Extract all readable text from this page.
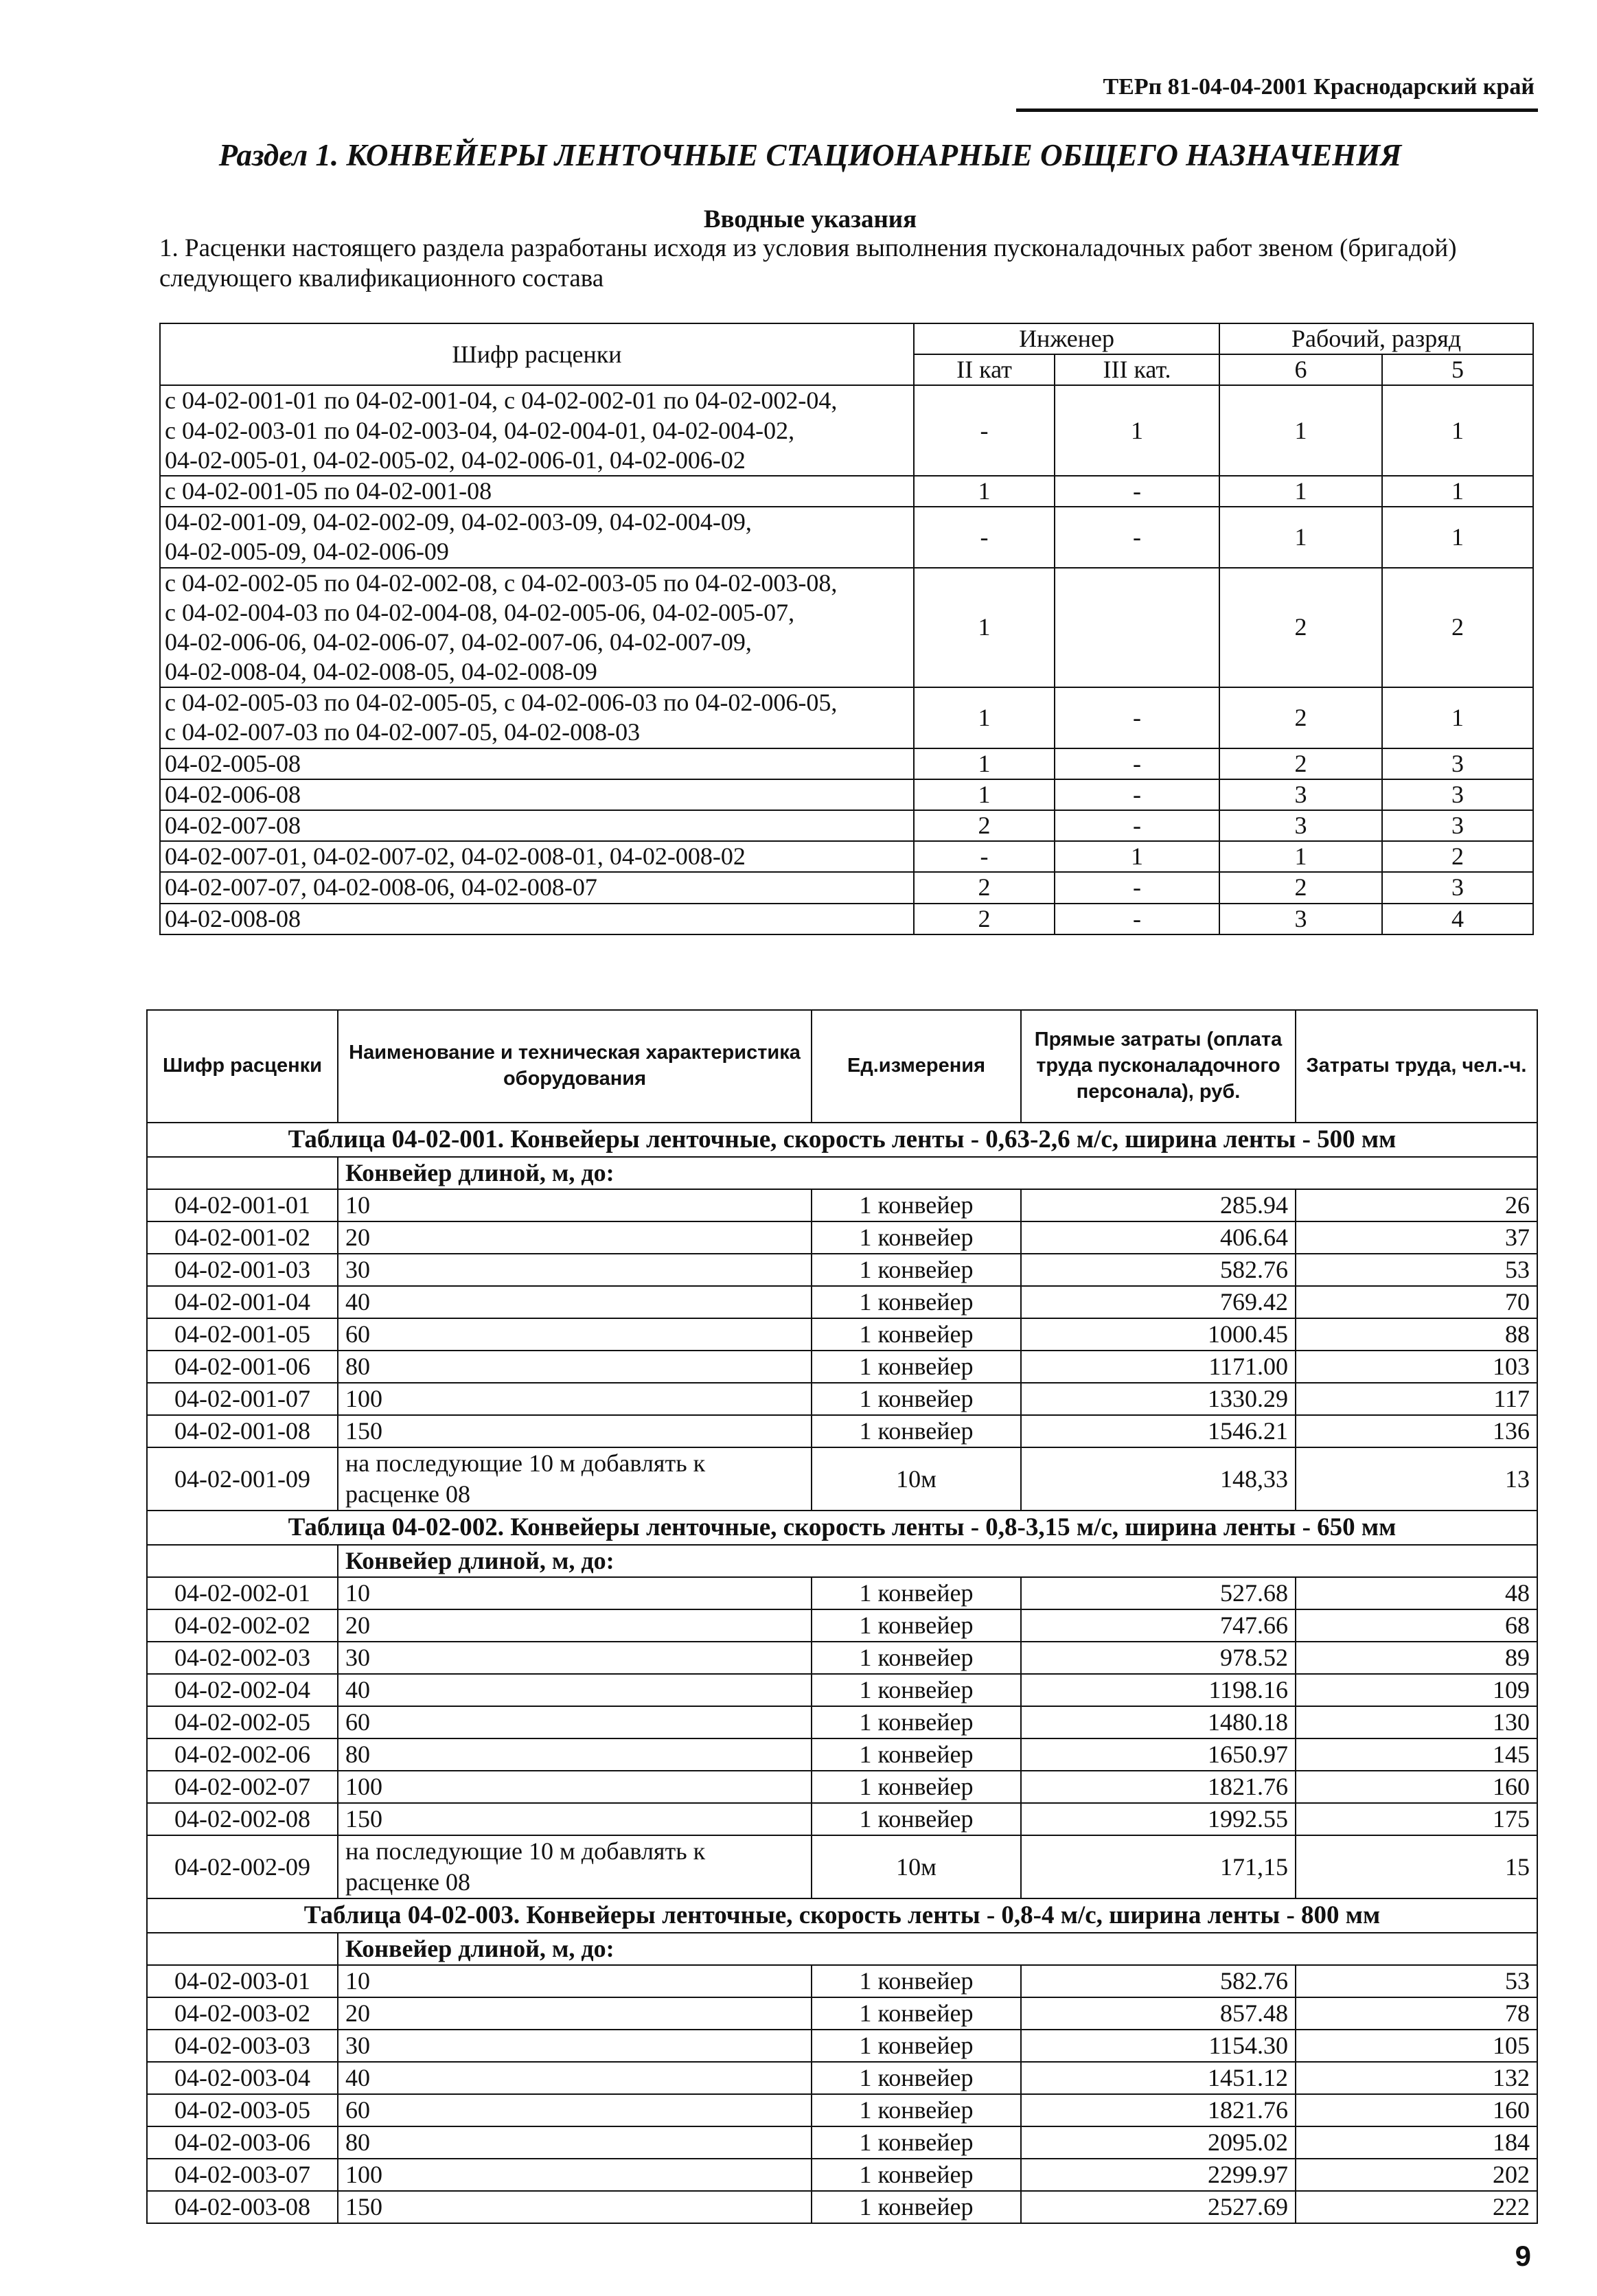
ТЕРп 81-04-04-2001 Краснодарский край
Раздел 1. КОНВЕЙЕРЫ ЛЕНТОЧНЫЕ СТАЦИОНАРНЫЕ ОБЩЕГО НАЗНАЧЕНИЯ
Вводные указания
1. Расценки настоящего раздела разработаны исходя из условия выполнения пусконаладочных работ звеном (бригадой) следующего квалификационного состава
Шифр расценки	Инженер		Рабочий, разряд	
	II кат	III кат.	6	5

с 04-02-001-01 по 04-02-001-04, с 04-02-002-01 по 04-02-002-04,
с 04-02-003-01 по 04-02-003-04, 04-02-004-01, 04-02-004-02,
04-02-005-01, 04-02-005-02, 04-02-006-01, 04-02-006-02	-	1	1	1

с 04-02-001-05 по 04-02-001-08	1	-	1	1

04-02-001-09, 04-02-002-09, 04-02-003-09, 04-02-004-09,
04-02-005-09, 04-02-006-09	-	-	1	1

с 04-02-002-05 по 04-02-002-08, с 04-02-003-05 по 04-02-003-08,
с 04-02-004-03 по 04-02-004-08, 04-02-005-06, 04-02-005-07,
04-02-006-06, 04-02-006-07, 04-02-007-06, 04-02-007-09,
04-02-008-04, 04-02-008-05, 04-02-008-09	1		2	2

с 04-02-005-03 по 04-02-005-05, с 04-02-006-03 по 04-02-006-05,
с 04-02-007-03 по 04-02-007-05, 04-02-008-03	1	-	2	1

04-02-005-08	1	-	2	3

04-02-006-08	1	-	3	3

04-02-007-08	2	-	3	3

04-02-007-01, 04-02-007-02, 04-02-008-01, 04-02-008-02	-	1	1	2

04-02-007-07, 04-02-008-06, 04-02-008-07	2	-	2	3

04-02-008-08	2	-	3	4
Шифр расценки	Наименование и техническая характеристика оборудования	Ед.измерения	Прямые затраты (оплата труда пусконаладочного персонала), руб.	Затраты труда, чел.-ч.
Таблица 04-02-001. Конвейеры ленточные, скорость ленты - 0,63-2,6 м/с, ширина ленты - 500 мм				
	Конвейер длиной, м, до:			
04-02-001-01	10	1 конвейер	285.94	26
04-02-001-02	20	1 конвейер	406.64	37
04-02-001-03	30	1 конвейер	582.76	53
04-02-001-04	40	1 конвейер	769.42	70
04-02-001-05	60	1 конвейер	1000.45	88
04-02-001-06	80	1 конвейер	1171.00	103
04-02-001-07	100	1 конвейер	1330.29	117
04-02-001-08	150	1 конвейер	1546.21	136
04-02-001-09	на последующие 10 м добавлять к расценке 08	10м	148,33	13
Таблица 04-02-002. Конвейеры ленточные, скорость ленты - 0,8-3,15 м/с, ширина ленты - 650 мм				
	Конвейер длиной, м, до:			
04-02-002-01	10	1 конвейер	527.68	48
04-02-002-02	20	1 конвейер	747.66	68
04-02-002-03	30	1 конвейер	978.52	89
04-02-002-04	40	1 конвейер	1198.16	109
04-02-002-05	60	1 конвейер	1480.18	130
04-02-002-06	80	1 конвейер	1650.97	145
04-02-002-07	100	1 конвейер	1821.76	160
04-02-002-08	150	1 конвейер	1992.55	175
04-02-002-09	на последующие 10 м добавлять к расценке 08	10м	171,15	15
Таблица 04-02-003. Конвейеры ленточные, скорость ленты - 0,8-4 м/с, ширина ленты - 800 мм				
	Конвейер длиной, м, до:			
04-02-003-01	10	1 конвейер	582.76	53
04-02-003-02	20	1 конвейер	857.48	78
04-02-003-03	30	1 конвейер	1154.30	105
04-02-003-04	40	1 конвейер	1451.12	132
04-02-003-05	60	1 конвейер	1821.76	160
04-02-003-06	80	1 конвейер	2095.02	184
04-02-003-07	100	1 конвейер	2299.97	202
04-02-003-08	150	1 конвейер	2527.69	222
9
